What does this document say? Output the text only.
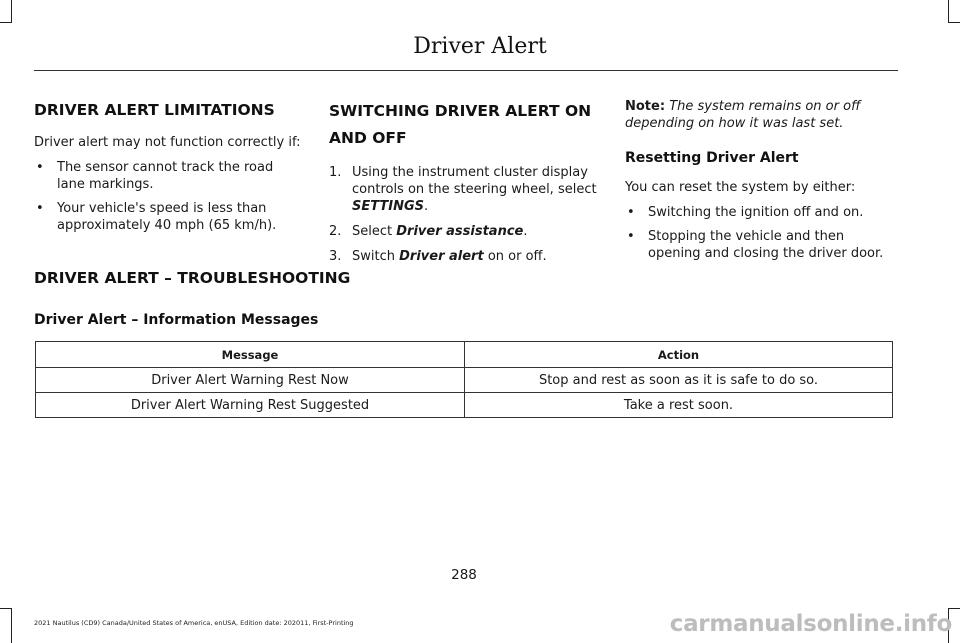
Driver Alert
DRIVER ALERT LIMITATIONS

Driver alert may not function correctly if:

• The sensor cannot track the road lane markings.
• Your vehicle's speed is less than approximately 40 mph (65 km/h).
SWITCHING DRIVER ALERT ON AND OFF
1. Using the instrument cluster display controls on the steering wheel, select SETTINGS.
2. Select Driver assistance.
3. Switch Driver alert on or off.

Note: The system remains on or off depending on how it was last set.

Resetting Driver Alert

You can reset the system by either:

• Switching the ignition off and on.
• Stopping the vehicle and then opening and closing the driver door.
DRIVER ALERT – TROUBLESHOOTING
Driver Alert – Information Messages
Message	Action
Driver Alert Warning Rest Now	Stop and rest as soon as it is safe to do so.
Driver Alert Warning Rest Suggested	Take a rest soon.
288
2021 Nautilus (CD9) Canada/United States of America, enUSA, Edition date: 202011, First-Printing	carmanualsonline.info
